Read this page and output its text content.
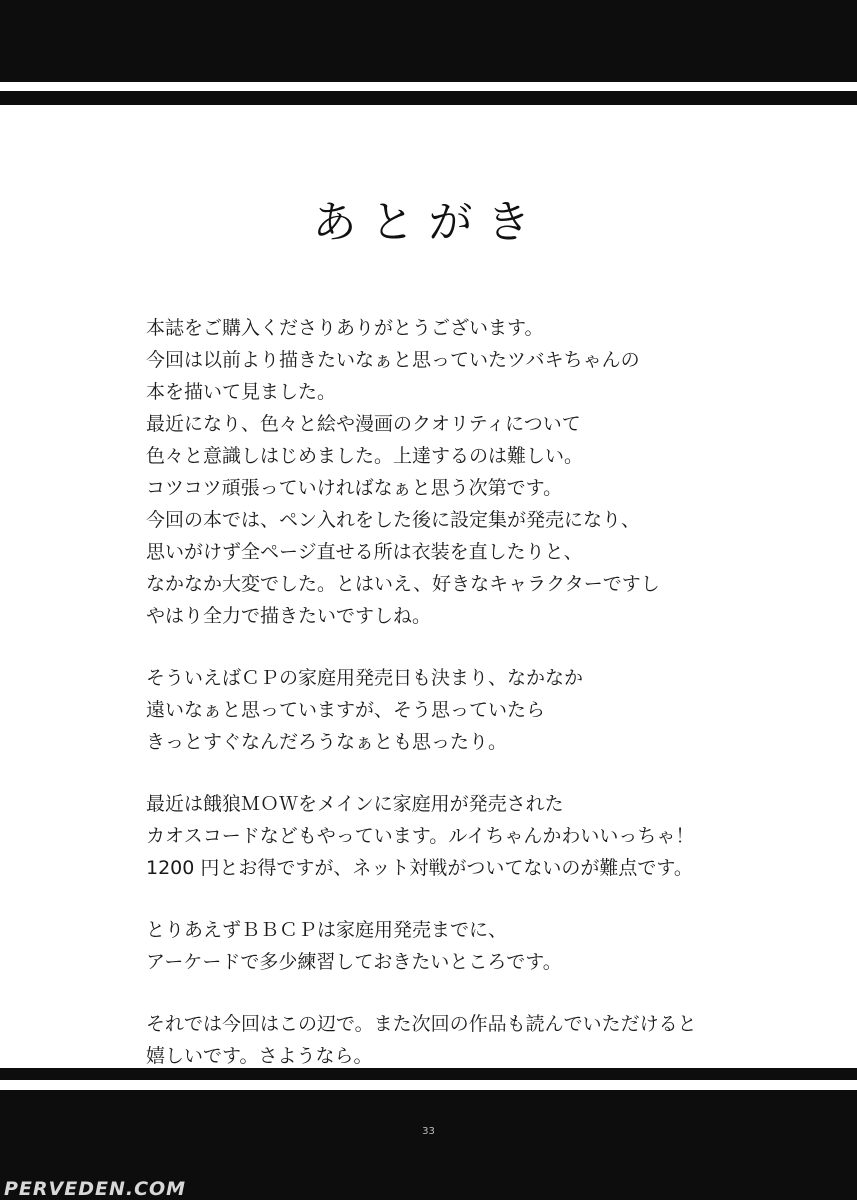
あとがき
本誌をご購入くださりありがとうございます。
今回は以前より描きたいなぁと思っていたツバキちゃんの
本を描いて見ました。
最近になり、色々と絵や漫画のクオリティについて
色々と意識しはじめました。上達するのは難しい。
コツコツ頑張っていければなぁと思う次第です。
今回の本では、ペン入れをした後に設定集が発売になり、
思いがけず全ページ直せる所は衣装を直したりと、
なかなか大変でした。とはいえ、好きなキャラクターですし
やはり全力で描きたいですしね。
そういえばＣＰの家庭用発売日も決まり、なかなか
遠いなぁと思っていますが、そう思っていたら
きっとすぐなんだろうなぁとも思ったり。
最近は餓狼ＭＯＷをメインに家庭用が発売された
カオスコードなどもやっています。ルイちゃんかわいいっちゃ！
1200 円とお得ですが、ネット対戦がついてないのが難点です。
とりあえずＢＢＣＰは家庭用発売までに、
アーケードで多少練習しておきたいところです。
それでは今回はこの辺で。また次回の作品も読んでいただけると
嬉しいです。さようなら。
33
PERVEDEN.COM
